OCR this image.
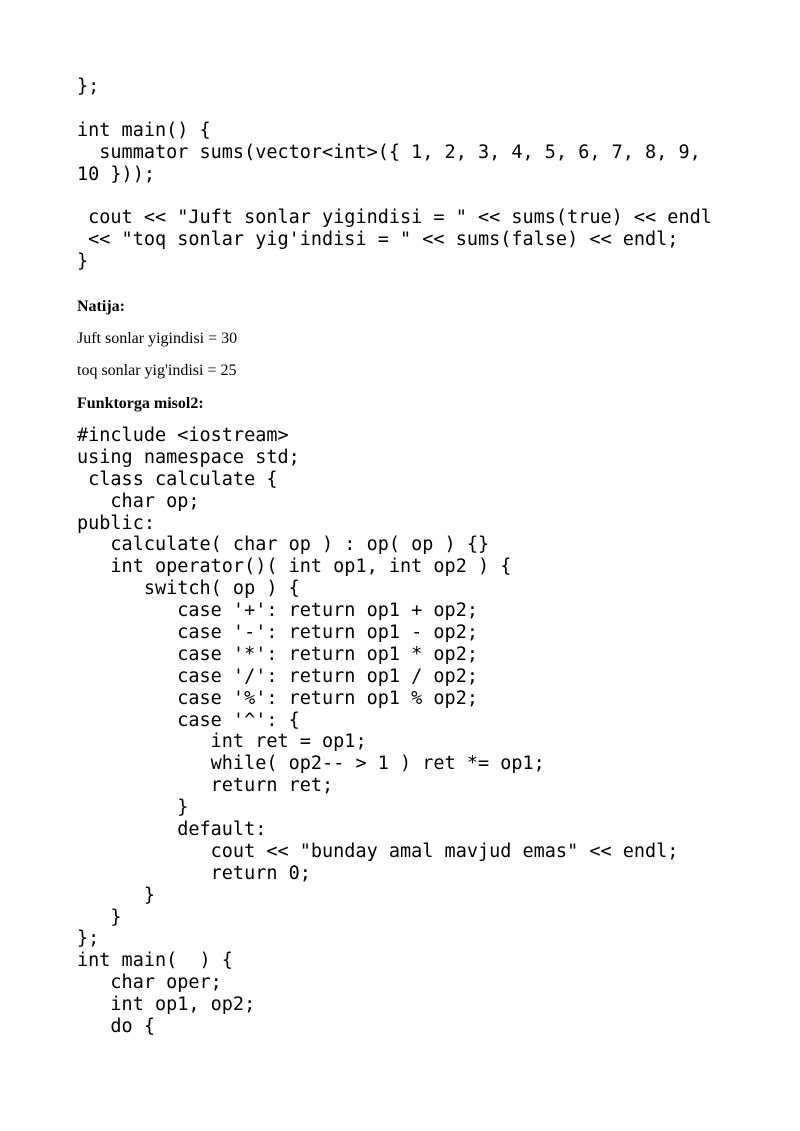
};
int main() {
summator sums(vector<int>({ 1, 2, 3, 4, 5, 6, 7, 8, 9,
10 }));
cout << "Juft sonlar yigindisi = " << sums(true) << endl
<< "toq sonlar yig'indisi = " << sums(false) << endl;
}

Natija:

Juft sonlar yigindisi = 30

toq sonlar yig'indisi = 25

Funktorga misol2:

#include <iostream>
using namespace std;
class calculate {
char op;
public:
calculate( char op ) : op( op ) {}
int operator()( int op1, int op2 ) {
switch( op ) {
case '+': return op1 + op2;
case '-': return op1 - op2;
case '*': return op1 * op2;
case '/': return op1 / op2;
case '%': return op1 % op2;
case '^': {
int ret = op1;
while( op2-- > 1 ) ret *= op1;
return ret;
}
default:
cout << "bunday amal mavjud emas" << endl;
return 0;
}
}
};
int main(  ) {
char oper;
int op1, op2;
do {
